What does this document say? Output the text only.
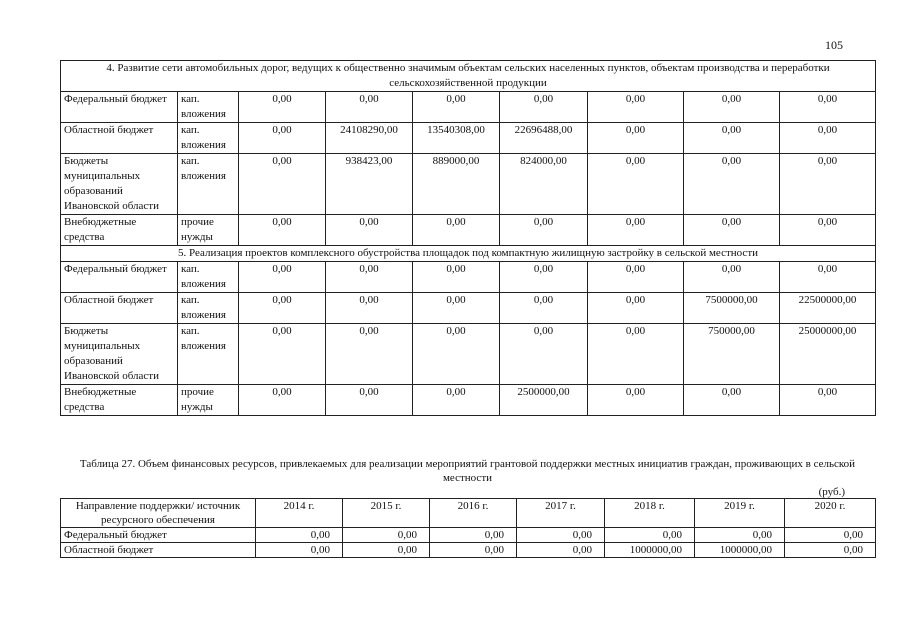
105
4. Развитие сети автомобильных дорог, ведущих к общественно значимым объектам сельских населенных пунктов, объектам производства и переработки сельскохозяйственной продукции								
Федеральный бюджет	кап. вложения	0,00	0,00	0,00	0,00	0,00	0,00	0,00
Областной бюджет	кап. вложения	0,00	24108290,00	13540308,00	22696488,00	0,00	0,00	0,00
Бюджеты муниципальных образований Ивановской области	кап. вложения	0,00	938423,00	889000,00	824000,00	0,00	0,00	0,00
Внебюджетные средства	прочие нужды	0,00	0,00	0,00	0,00	0,00	0,00	0,00
5. Реализация проектов комплексного обустройства площадок под компактную жилищную застройку в сельской местности								
Федеральный бюджет	кап. вложения	0,00	0,00	0,00	0,00	0,00	0,00	0,00
Областной бюджет	кап. вложения	0,00	0,00	0,00	0,00	0,00	7500000,00	22500000,00
Бюджеты муниципальных образований Ивановской области	кап. вложения	0,00	0,00	0,00	0,00	0,00	750000,00	25000000,00
Внебюджетные средства	прочие нужды	0,00	0,00	0,00	2500000,00	0,00	0,00	0,00
Таблица 27. Объем финансовых ресурсов, привлекаемых для реализации мероприятий грантовой поддержки местных инициатив граждан, проживающих в сельской местности
(руб.)
Направление поддержки/ источник ресурсного обеспечения	2014 г.	2015 г.	2016 г.	2017 г.	2018 г.	2019 г.	2020 г.
Федеральный бюджет	0,00	0,00	0,00	0,00	0,00	0,00	0,00
Областной бюджет	0,00	0,00	0,00	0,00	1000000,00	1000000,00	0,00
